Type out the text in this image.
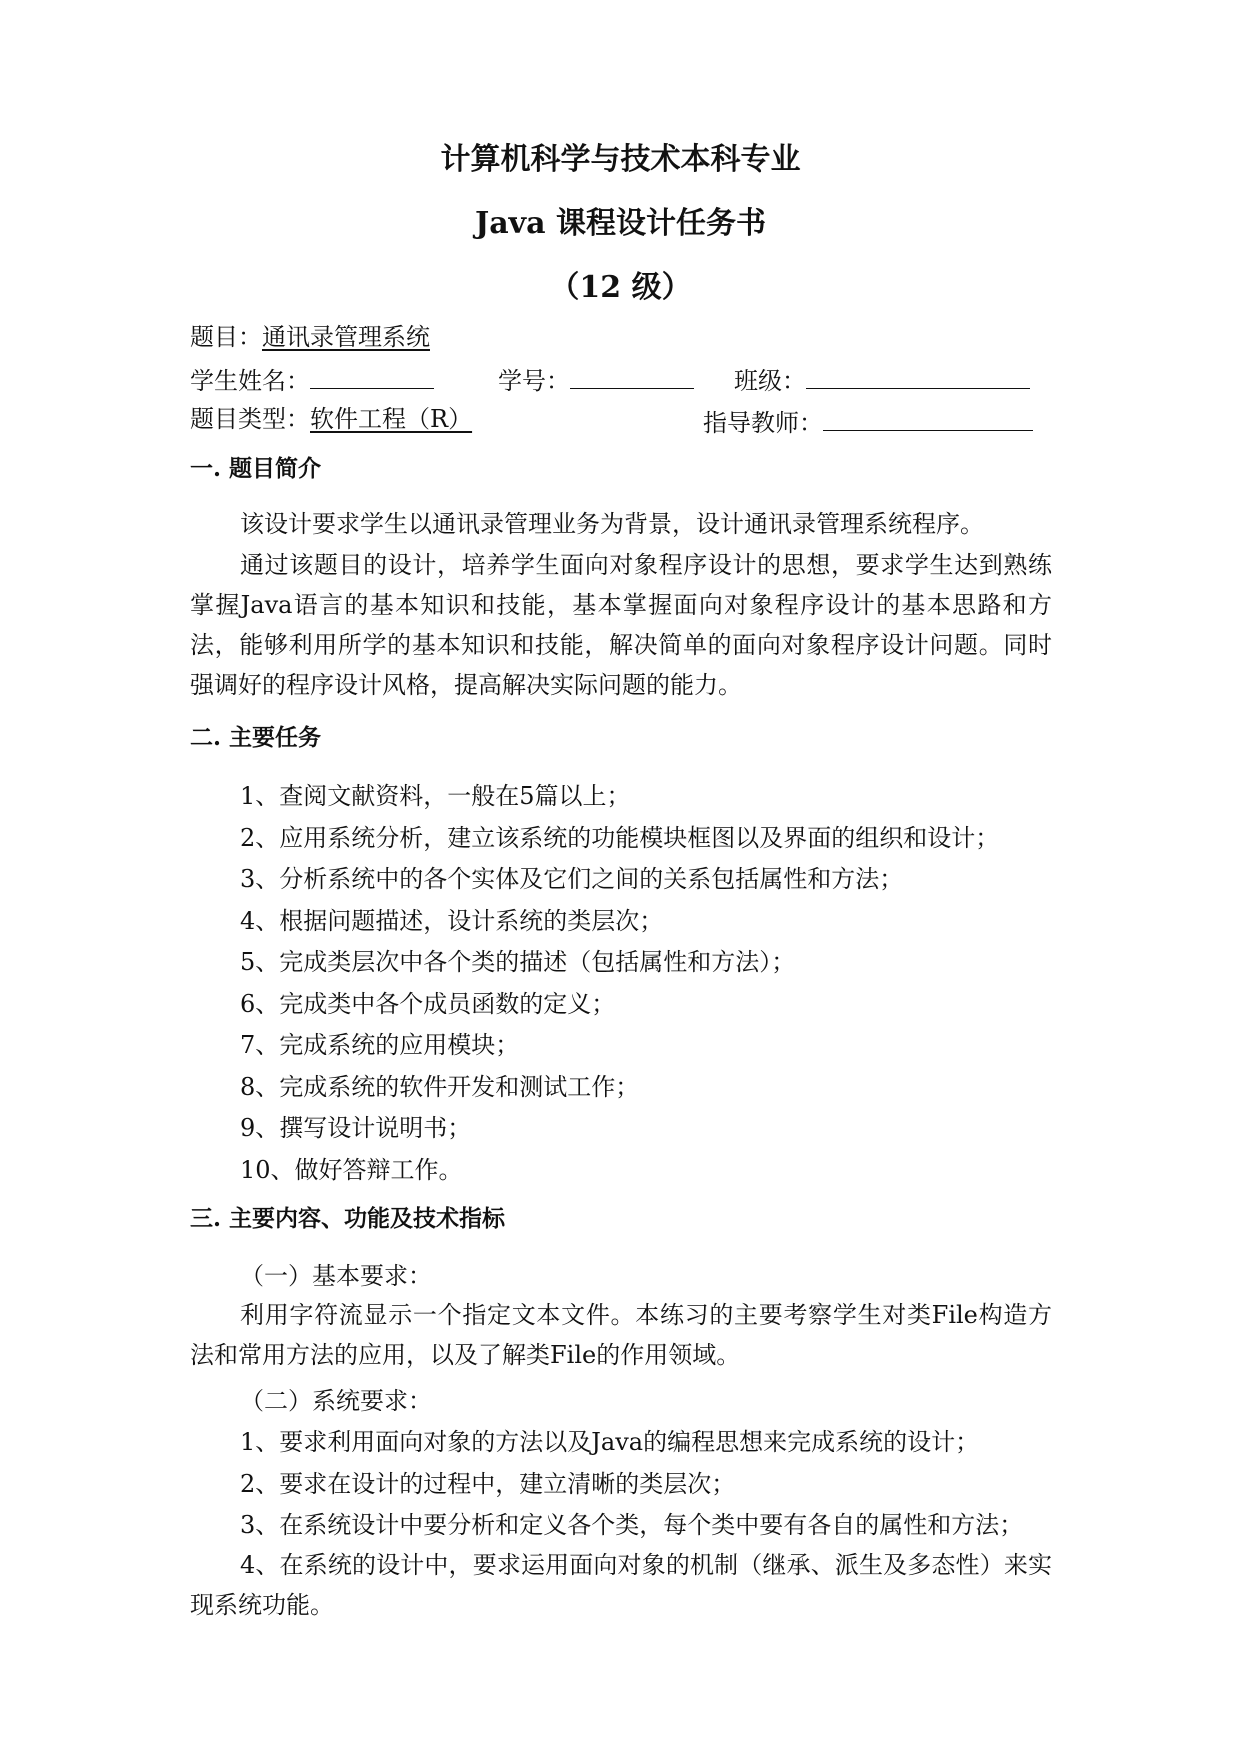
计算机科学与技术本科专业
Java 课程设计任务书
（12 级）
题目：通讯录管理系统
学生姓名：	学号：	班级：
题目类型：软件工程（R）	指导教师：
一. 题目简介
该设计要求学生以通讯录管理业务为背景，设计通讯录管理系统程序。
通过该题目的设计，培养学生面向对象程序设计的思想，要求学生达到熟练掌握Java语言的基本知识和技能，基本掌握面向对象程序设计的基本思路和方法，能够利用所学的基本知识和技能，解决简单的面向对象程序设计问题。同时强调好的程序设计风格，提高解决实际问题的能力。
二. 主要任务
1、查阅文献资料，一般在5篇以上；
2、应用系统分析，建立该系统的功能模块框图以及界面的组织和设计；
3、分析系统中的各个实体及它们之间的关系包括属性和方法；
4、根据问题描述，设计系统的类层次；
5、完成类层次中各个类的描述（包括属性和方法）；
6、完成类中各个成员函数的定义；
7、完成系统的应用模块；
8、完成系统的软件开发和测试工作；
9、撰写设计说明书；
10、做好答辩工作。
三. 主要内容、功能及技术指标
（一）基本要求：
利用字符流显示一个指定文本文件。本练习的主要考察学生对类File构造方法和常用方法的应用，以及了解类File的作用领域。
（二）系统要求：
1、要求利用面向对象的方法以及Java的编程思想来完成系统的设计；
2、要求在设计的过程中，建立清晰的类层次；
3、在系统设计中要分析和定义各个类，每个类中要有各自的属性和方法；
4、在系统的设计中，要求运用面向对象的机制（继承、派生及多态性）来实现系统功能。
